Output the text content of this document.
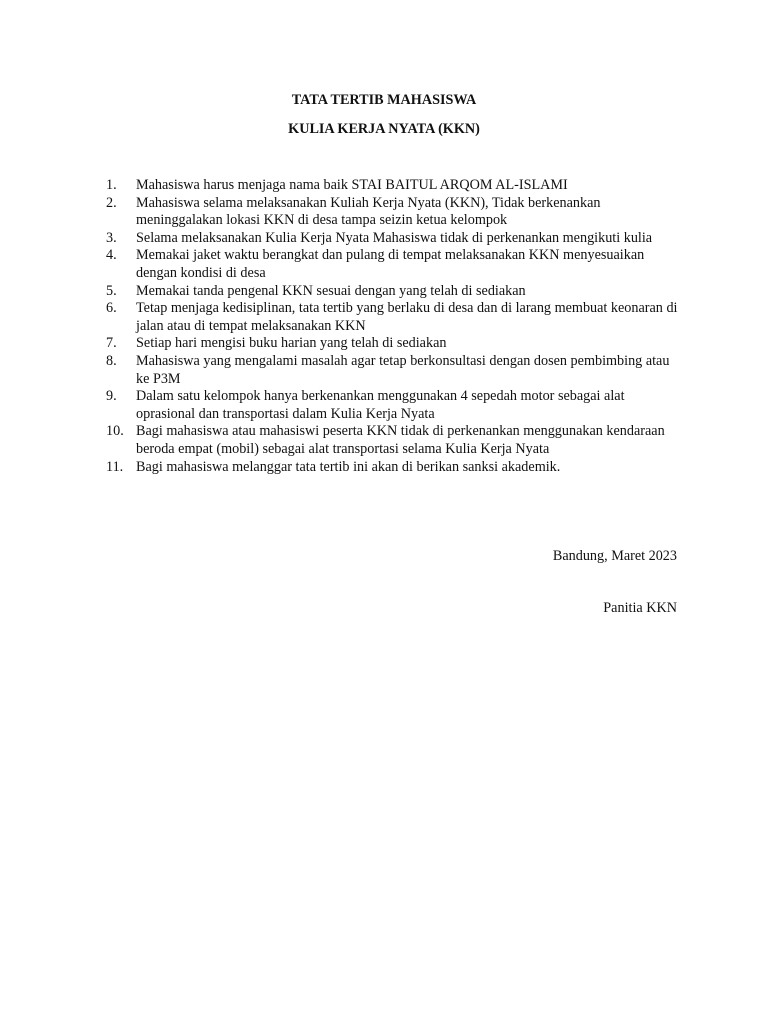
TATA TERTIB MAHASISWA
KULIA KERJA NYATA (KKN)
1.	Mahasiswa harus menjaga nama baik STAI BAITUL ARQOM AL-ISLAMI
2.	Mahasiswa selama melaksanakan Kuliah Kerja Nyata (KKN), Tidak berkenankan meninggalakan lokasi KKN di desa tampa seizin ketua kelompok
3.	Selama melaksanakan Kulia Kerja Nyata Mahasiswa tidak di perkenankan mengikuti kulia
4.	Memakai jaket waktu berangkat dan pulang di tempat melaksanakan KKN menyesuaikan dengan kondisi di desa
5.	Memakai tanda pengenal KKN sesuai dengan yang telah di sediakan
6.	Tetap menjaga kedisiplinan, tata tertib yang berlaku di desa dan di larang membuat keonaran di jalan atau di tempat melaksanakan KKN
7.	Setiap hari mengisi buku harian yang telah di sediakan
8.	Mahasiswa yang mengalami masalah agar tetap berkonsultasi dengan dosen pembimbing atau ke P3M
9.	Dalam satu kelompok hanya berkenankan menggunakan 4 sepedah motor sebagai alat oprasional dan transportasi dalam Kulia Kerja Nyata
10. Bagi mahasiswa atau mahasiswi peserta KKN tidak di perkenankan menggunakan kendaraan beroda empat (mobil) sebagai alat transportasi selama Kulia Kerja Nyata
11. Bagi mahasiswa melanggar tata tertib ini akan di berikan sanksi akademik.
Bandung, Maret 2023
Panitia KKN
